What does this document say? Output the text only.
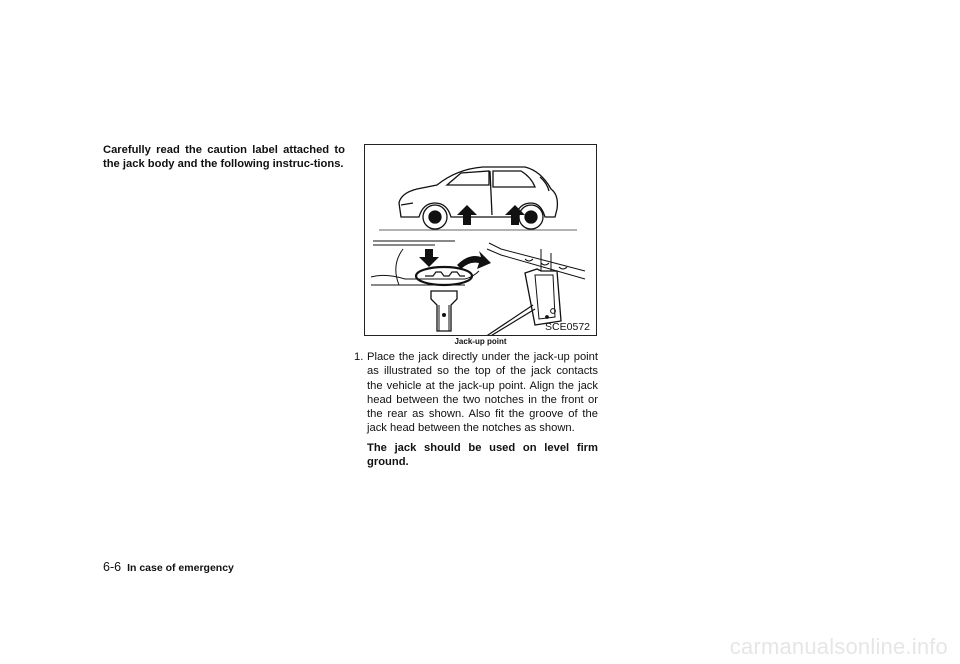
Carefully read the caution label attached to the jack body and the following instruc-tions.

SCE0572

Jack-up point

1. Place the jack directly under the jack-up point as illustrated so the top of the jack contacts the vehicle at the jack-up point. Align the jack head between the two notches in the front or the rear as shown. Also fit the groove of the jack head between the notches as shown.

The jack should be used on level firm ground.

6-6 In case of emergency
carmanualsonline.info
